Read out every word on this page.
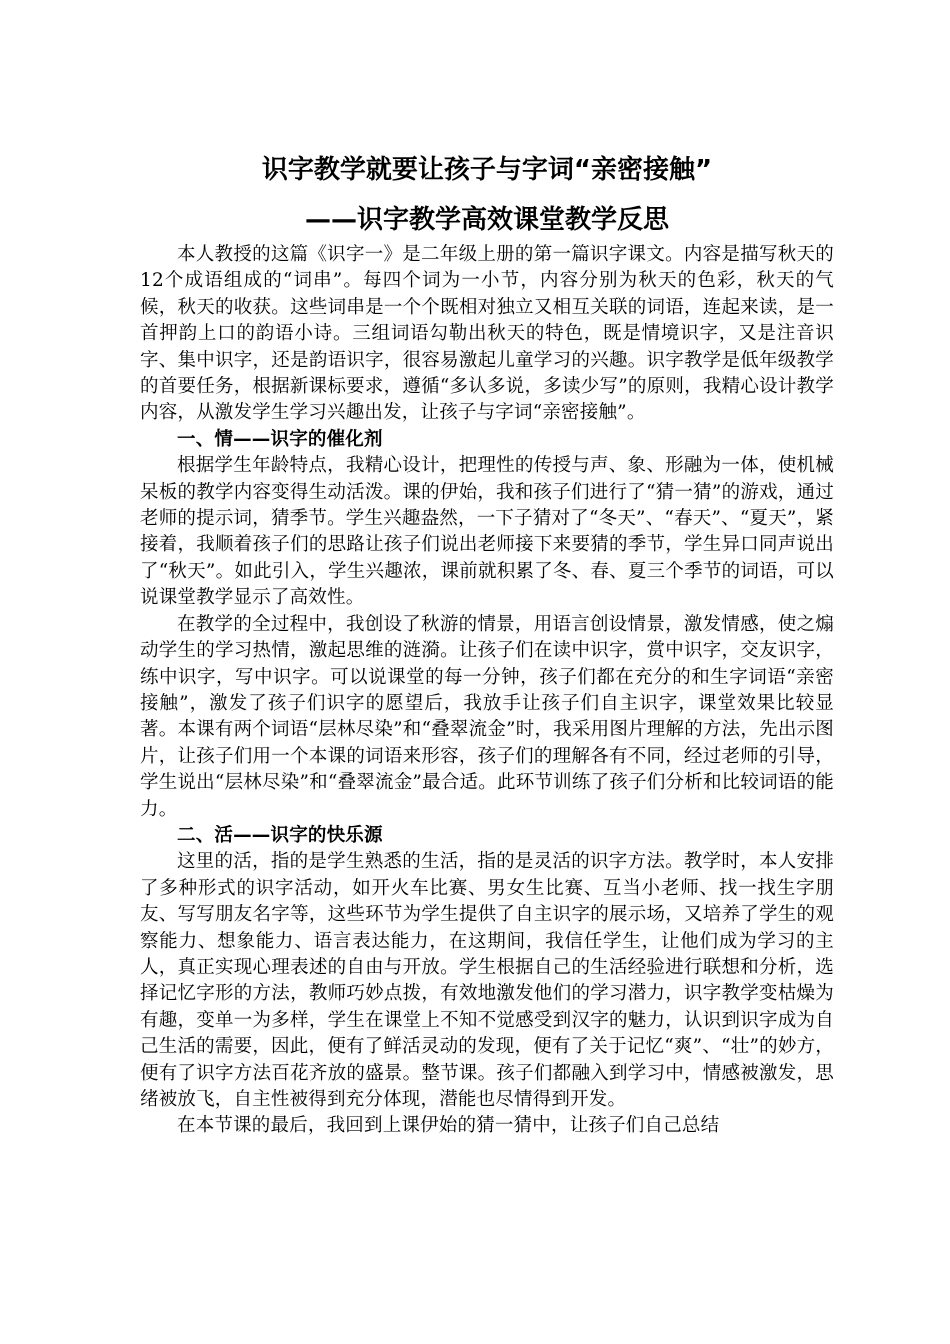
识字教学就要让孩子与字词“亲密接触”
——识字教学高效课堂教学反思

本人教授的这篇《识字一》是二年级上册的第一篇识字课文。内容是描写秋天的12个成语组成的“词串”。每四个词为一小节，内容分别为秋天的色彩，秋天的气候，秋天的收获。这些词串是一个个既相对独立又相互关联的词语，连起来读，是一首押韵上口的韵语小诗。三组词语勾勒出秋天的特色，既是情境识字，又是注音识字、集中识字，还是韵语识字，很容易激起儿童学习的兴趣。识字教学是低年级教学的首要任务，根据新课标要求，遵循“多认多说，多读少写”的原则，我精心设计教学内容，从激发学生学习兴趣出发，让孩子与字词“亲密接触”。

一、情——识字的催化剂

根据学生年龄特点，我精心设计，把理性的传授与声、象、形融为一体，使机械呆板的教学内容变得生动活泼。课的伊始，我和孩子们进行了“猜一猜”的游戏，通过老师的提示词，猜季节。学生兴趣盎然，一下子猜对了“冬天”、“春天”、“夏天”，紧接着，我顺着孩子们的思路让孩子们说出老师接下来要猜的季节，学生异口同声说出了“秋天”。如此引入，学生兴趣浓，课前就积累了冬、春、夏三个季节的词语，可以说课堂教学显示了高效性。

在教学的全过程中，我创设了秋游的情景，用语言创设情景，激发情感，使之煽动学生的学习热情，激起思维的涟漪。让孩子们在读中识字，赏中识字，交友识字，练中识字，写中识字。可以说课堂的每一分钟，孩子们都在充分的和生字词语“亲密接触”，激发了孩子们识字的愿望后，我放手让孩子们自主识字，课堂效果比较显著。本课有两个词语“层林尽染”和“叠翠流金”时，我采用图片理解的方法，先出示图片，让孩子们用一个本课的词语来形容，孩子们的理解各有不同，经过老师的引导，学生说出“层林尽染”和“叠翠流金”最合适。此环节训练了孩子们分析和比较词语的能力。

二、活——识字的快乐源

这里的活，指的是学生熟悉的生活，指的是灵活的识字方法。教学时，本人安排了多种形式的识字活动，如开火车比赛、男女生比赛、互当小老师、找一找生字朋友、写写朋友名字等，这些环节为学生提供了自主识字的展示场，又培养了学生的观察能力、想象能力、语言表达能力，在这期间，我信任学生，让他们成为学习的主人，真正实现心理表述的自由与开放。学生根据自己的生活经验进行联想和分析，选择记忆字形的方法，教师巧妙点拨，有效地激发他们的学习潜力，识字教学变枯燥为有趣，变单一为多样，学生在课堂上不知不觉感受到汉字的魅力，认识到识字成为自己生活的需要，因此，便有了鲜活灵动的发现，便有了关于记忆“爽”、“壮”的妙方，便有了识字方法百花齐放的盛景。整节课。孩子们都融入到学习中，情感被激发，思绪被放飞，自主性被得到充分体现，潜能也尽情得到开发。

在本节课的最后，我回到上课伊始的猜一猜中，让孩子们自己总结
